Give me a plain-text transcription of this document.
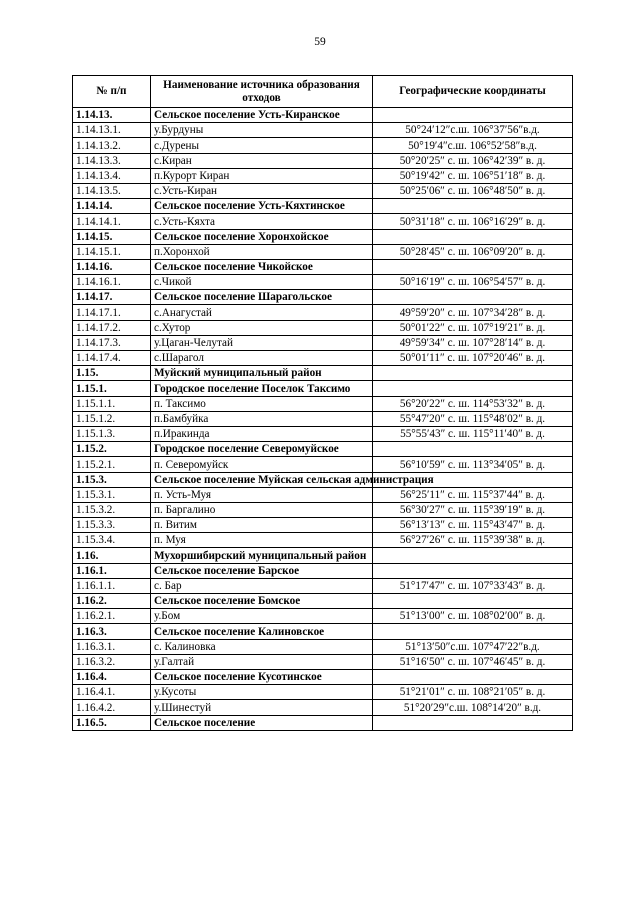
59
№ п/п	Наименование источника образования отходов	Географические координаты
1.14.13.	Сельское поселение Усть-Киранское	
1.14.13.1.	у.Бурдуны	50°24′12″с.ш. 106°37′56″в.д.
1.14.13.2.	с.Дурены	50°19′4″с.ш. 106°52′58″в.д.
1.14.13.3.	с.Киран	50°20′25″ с. ш. 106°42′39″ в. д.
1.14.13.4.	п.Курорт Киран	50°19′42″ с. ш. 106°51′18″ в. д.
1.14.13.5.	с.Усть-Киран	50°25′06″ с. ш. 106°48′50″ в. д.
1.14.14.	Сельское поселение Усть-Кяхтинское	
1.14.14.1.	с.Усть-Кяхта	50°31′18″ с. ш. 106°16′29″ в. д.
1.14.15.	Сельское поселение Хоронхойское	
1.14.15.1.	п.Хоронхой	50°28′45″ с. ш. 106°09′20″ в. д.
1.14.16.	Сельское поселение Чикойское	
1.14.16.1.	с.Чикой	50°16′19″ с. ш. 106°54′57″ в. д.
1.14.17.	Сельское поселение Шарагольское	
1.14.17.1.	с.Анагустай	49°59′20″ с. ш. 107°34′28″ в. д.
1.14.17.2.	с.Хутор	50°01′22″ с. ш. 107°19′21″ в. д.
1.14.17.3.	у.Цаган-Челутай	49°59′34″ с. ш. 107°28′14″ в. д.
1.14.17.4.	с.Шарагол	50°01′11″ с. ш. 107°20′46″ в. д.
1.15.	Муйский муниципальный район	
1.15.1.	Городское поселение Поселок Таксимо	
1.15.1.1.	п. Таксимо	56°20′22″ с. ш. 114°53′32″ в. д.
1.15.1.2.	п.Бамбуйка	55°47′20″ с. ш. 115°48′02″ в. д.
1.15.1.3.	п.Иракинда	55°55′43″ с. ш. 115°11′40″ в. д.
1.15.2.	Городское поселение Северомуйское	
1.15.2.1.	п. Северомуйск	56°10′59″ с. ш. 113°34′05″ в. д.
1.15.3.	Сельское поселение Муйская сельская администрация	
1.15.3.1.	п. Усть-Муя	56°25′11″ с. ш. 115°37′44″ в. д.
1.15.3.2.	п. Баргалино	56°30′27″ с. ш. 115°39′19″ в. д.
1.15.3.3.	п. Витим	56°13′13″ с. ш. 115°43′47″ в. д.
1.15.3.4.	п. Муя	56°27′26″ с. ш. 115°39′38″ в. д.
1.16.	Мухоршибирский муниципальный район	
1.16.1.	Сельское поселение Барское	
1.16.1.1.	с. Бар	51°17′47″ с. ш. 107°33′43″ в. д.
1.16.2.	Сельское поселение Бомское	
1.16.2.1.	у.Бом	51°13′00″ с. ш. 108°02′00″ в. д.
1.16.3.	Сельское поселение Калиновское	
1.16.3.1.	с. Калиновка	51°13′50″с.ш. 107°47′22″в.д.
1.16.3.2.	у.Галтай	51°16′50″ с. ш. 107°46′45″ в. д.
1.16.4.	Сельское поселение Кусотинское	
1.16.4.1.	у.Кусоты	51°21′01″ с. ш. 108°21′05″ в. д.
1.16.4.2.	у.Шинестуй	51°20′29″с.ш. 108°14′20″ в.д.
1.16.5.	Сельское поселение	
